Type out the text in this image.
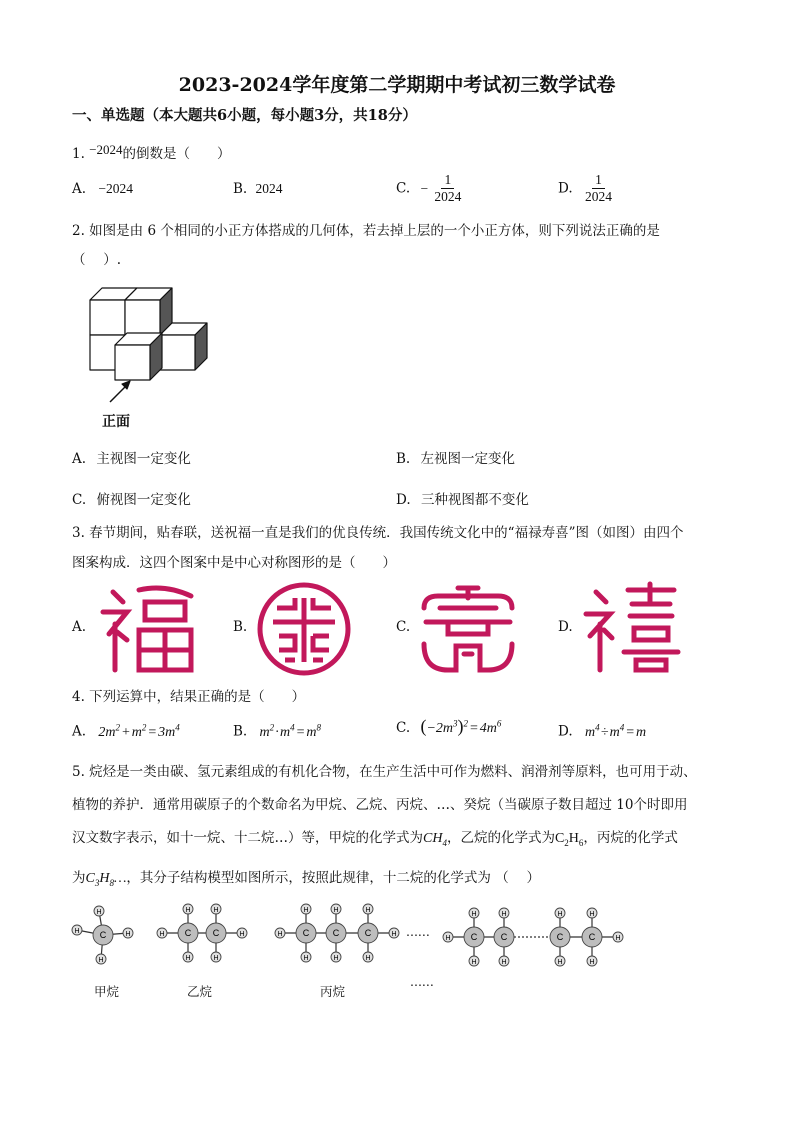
2023-2024学年度第二学期期中考试初三数学试卷
一、单选题（本大题共6小题，每小题3分，共18分）
1. −2024的倒数是（　　）
A. −2024	B. 2024	C. − $\frac{1}{2024}$	D. $\frac{1}{2024}$
2. 如图是由 6 个相同的小正方体搭成的几何体，若去掉上层的一个小正方体，则下列说法正确的是
（　 ）.
正面
A. 主视图一定变化	B. 左视图一定变化
C. 俯视图一定变化	D. 三种视图都不变化
3. 春节期间，贴春联，送祝福一直是我们的优良传统．我国传统文化中的“福禄寿喜”图（如图）由四个
图案构成．这四个图案中是中心对称图形的是（　　）
A.	B.	C.	D.
4. 下列运算中，结果正确的是（　　）
A. $2m^2$ + $m^2$ = $3m^4$	B. $m^2$ · $m^4$ = $m^8$	C. $(-2m^3)^2$ = $4m^6$
D. $m^4$ ÷ $m^4$ = m
5. 烷烃是一类由碳、氢元素组成的有机化合物，在生产生活中可作为燃料、润滑剂等原料，也可用于动、
植物的养护．通常用碳原子的个数命名为甲烷、乙烷、丙烷、…、癸烷（当碳原子数目超过 10个时即用
汉文数字表示，如十一烷、十二烷…）等，甲烷的化学式为$CH_4$，乙烷的化学式为$C_2H_6$，丙烷的化学式
为$C_3H_8\dots$，其分子结构模型如图所示，按照此规律，十二烷的化学式为 （　 ）
H
H	H
H
C
H
H
H C
H
H
H
C
H
H
H C
H
H
C
H
H
H
C
H
H
H C
H
H
C
H
H
C
H
H
H
C
甲烷	乙烷	丙烷
......
......
